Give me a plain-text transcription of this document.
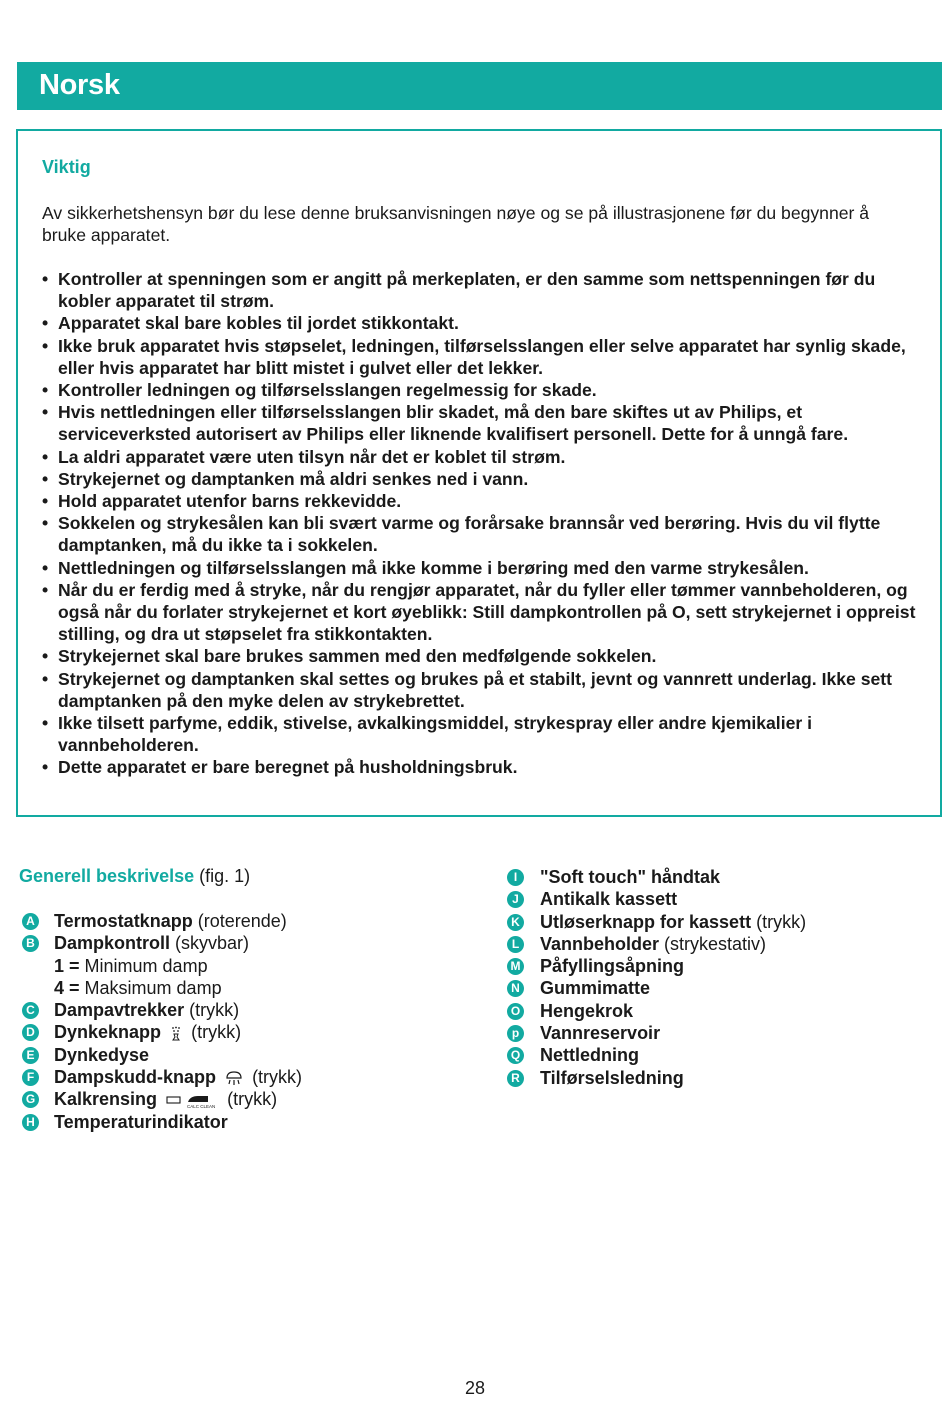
Norsk
Viktig
Av sikkerhetshensyn bør du lese denne bruksanvisningen nøye og se på illustrasjonene før du begynner å bruke apparatet.
• Kontroller at spenningen som er angitt på merkeplaten, er den samme som nettspenningen før du kobler apparatet til strøm.
• Apparatet skal bare kobles til jordet stikkontakt.
• Ikke bruk apparatet hvis støpselet, ledningen, tilførselsslangen eller selve apparatet har synlig skade, eller hvis apparatet har blitt mistet i gulvet eller det lekker.
• Kontroller ledningen og tilførselsslangen regelmessig for skade.
• Hvis nettledningen eller tilførselsslangen blir skadet, må den bare skiftes ut av Philips, et serviceverksted autorisert av Philips eller liknende kvalifisert personell. Dette for å unngå fare.
• La aldri apparatet være uten tilsyn når det er koblet til strøm.
• Strykejernet og damptanken må aldri senkes ned i vann.
• Hold apparatet utenfor barns rekkevidde.
• Sokkelen og strykesålen kan bli svært varme og forårsake brannsår ved berøring. Hvis du vil flytte damptanken, må du ikke ta i sokkelen.
• Nettledningen og tilførselsslangen må ikke komme i berøring med den varme strykesålen.
• Når du er ferdig med å stryke, når du rengjør apparatet, når du fyller eller tømmer vannbeholderen, og også når du forlater strykejernet et kort øyeblikk: Still dampkontrollen på O, sett strykejernet i oppreist stilling, og dra ut støpselet fra stikkontakten.
• Strykejernet skal bare brukes sammen med den medfølgende sokkelen.
• Strykejernet og damptanken skal settes og brukes på et stabilt, jevnt og vannrett underlag. Ikke sett damptanken på den myke delen av strykebrettet.
• Ikke tilsett parfyme, eddik, stivelse, avkalkingsmiddel, strykespray eller andre kjemikalier i vannbeholderen.
• Dette apparatet er bare beregnet på husholdningsbruk.
Generell beskrivelse (fig. 1)
A Termostatknapp (roterende)
B Dampkontroll (skyvbar)
1 = Minimum damp
4 = Maksimum damp
C Dampavtrekker (trykk)
D Dynkeknapp (trykk)
E Dynkedyse
F Dampskudd-knapp (trykk)
G Kalkrensing	CALC CLEAN (trykk)
H Temperaturindikator
I	"Soft touch" håndtak
J Antikalk kassett
K Utløserknapp for kassett (trykk)
L Vannbeholder (strykestativ)
M Påfyllingsåpning
N Gummimatte
O Hengekrok
p Vannreservoir
Q Nettledning
R Tilførselsledning
28
